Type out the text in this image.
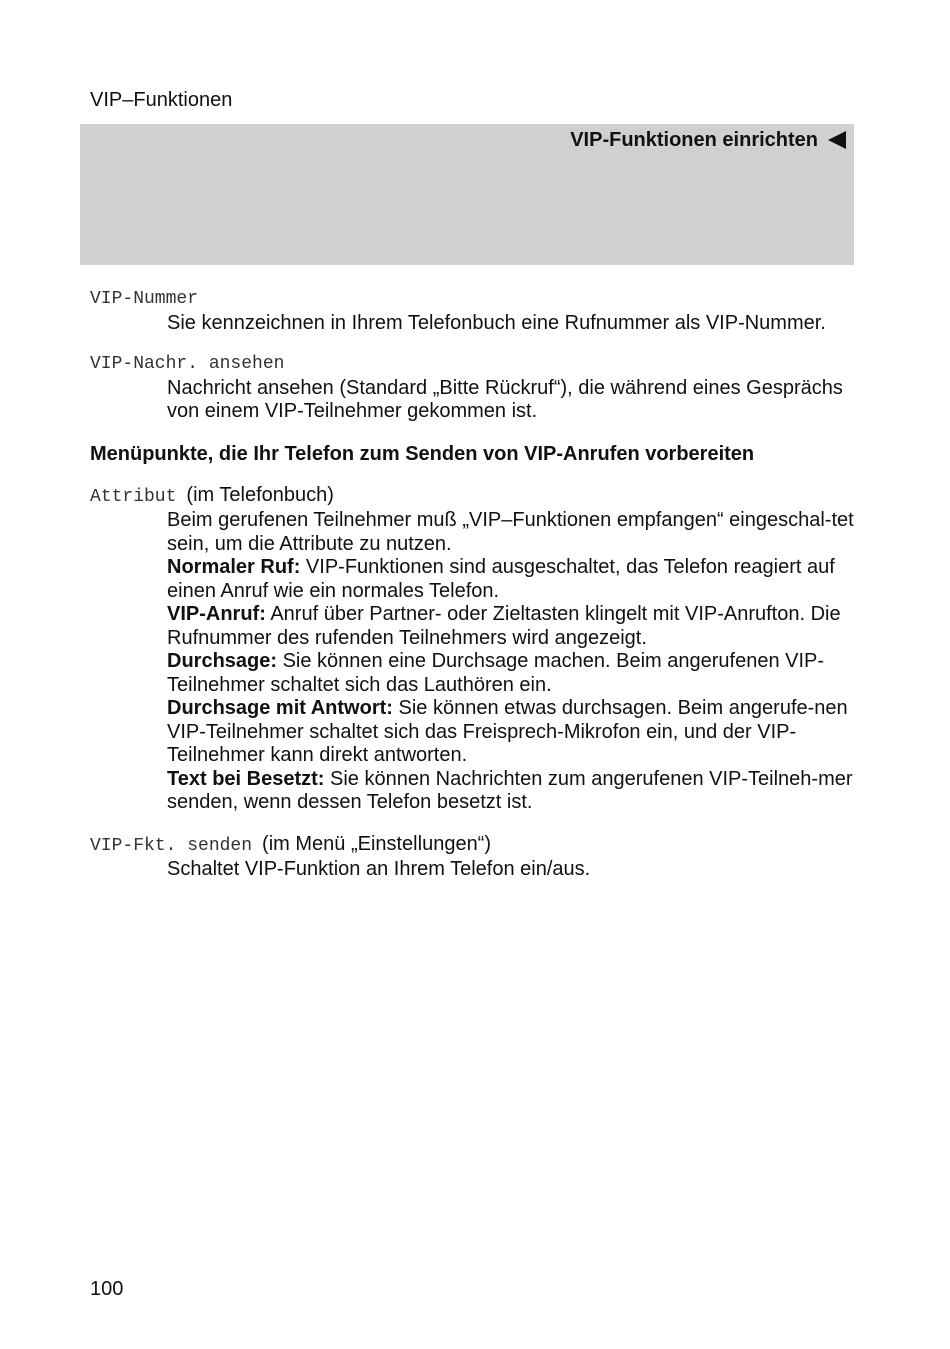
VIP–Funktionen
VIP-Funktionen einrichten
VIP-Nummer

Sie kennzeichnen in Ihrem Telefonbuch eine Rufnummer als VIP-Nummer.

VIP-Nachr. ansehen

Nachricht ansehen (Standard „Bitte Rückruf“), die während eines Gesprächs von einem VIP-Teilnehmer gekommen ist.

Menüpunkte, die Ihr Telefon zum Senden von VIP-Anrufen vorbereiten
Attribut (im Telefonbuch)

Beim gerufenen Teilnehmer muß „VIP–Funktionen empfangen“ eingeschal-tet sein, um die Attribute zu nutzen.

Normaler Ruf: VIP-Funktionen sind ausgeschaltet, das Telefon reagiert auf einen Anruf wie ein normales Telefon.

VIP-Anruf: Anruf über Partner- oder Zieltasten klingelt mit VIP-Anrufton. Die Rufnummer des rufenden Teilnehmers wird angezeigt.

Durchsage: Sie können eine Durchsage machen. Beim angerufenen VIP-Teilnehmer schaltet sich das Lauthören ein.

Durchsage mit Antwort: Sie können etwas durchsagen. Beim angerufe-nen VIP-Teilnehmer schaltet sich das Freisprech-Mikrofon ein, und der VIP-Teilnehmer kann direkt antworten.

Text bei Besetzt: Sie können Nachrichten zum angerufenen VIP-Teilneh-mer senden, wenn dessen Telefon besetzt ist.

VIP-Fkt. senden (im Menü „Einstellungen“)

Schaltet VIP-Funktion an Ihrem Telefon ein/aus.

100
